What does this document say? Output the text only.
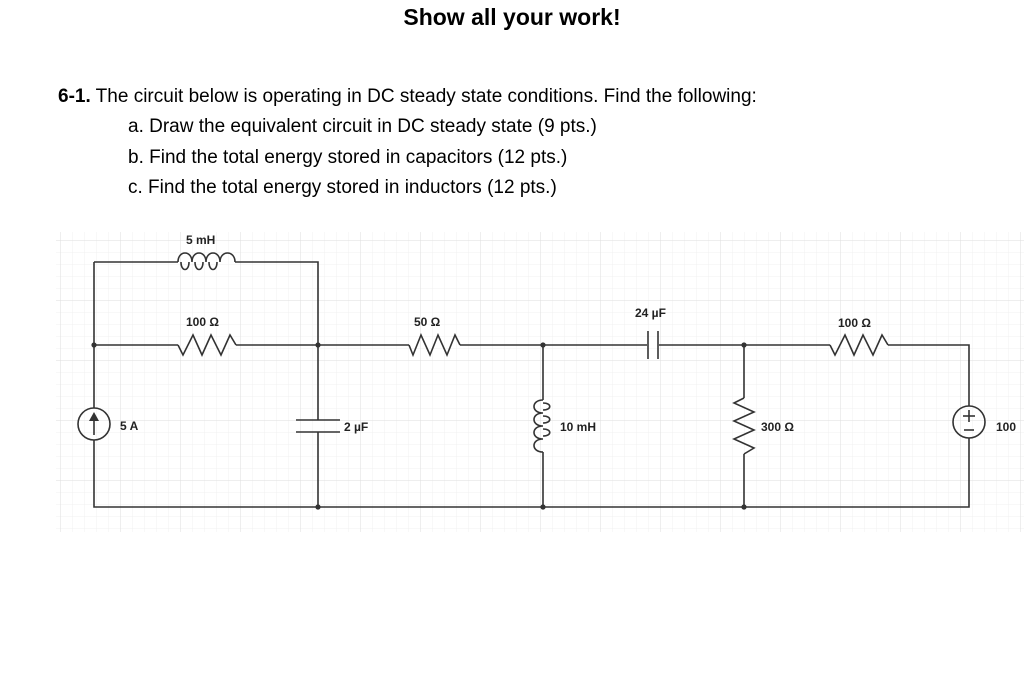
Show all your work!
6-1. The circuit below is operating in DC steady state conditions. Find the following:
a. Draw the equivalent circuit in DC steady state (9 pts.)
b. Find the total energy stored in capacitors (12 pts.)
c. Find the total energy stored in inductors (12 pts.)
5 mH
100 Ω	50 Ω
24 µF
100 Ω
5 A	2 µF	10 mH	300 Ω	100
